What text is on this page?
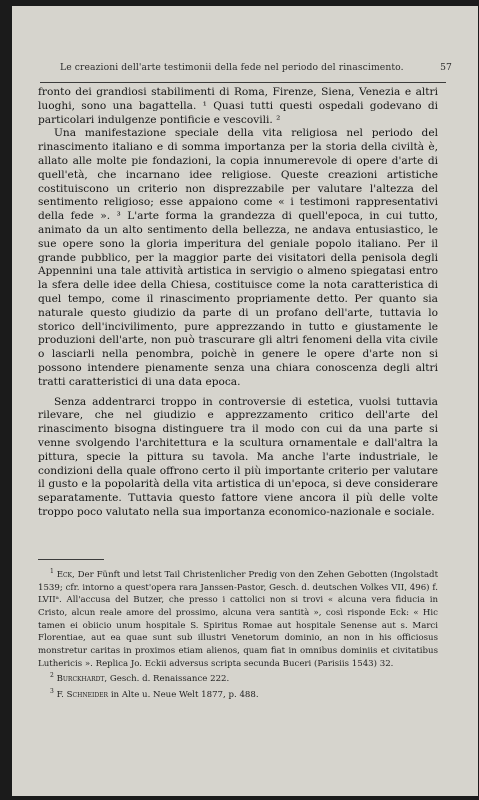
Le creazioni dell'arte testimonii della fede nel periodo del rinascimento.	57

fronto dei grandiosi stabilimenti di Roma, Firenze, Siena, Venezia e altri luoghi, sono una bagattella. ¹ Quasi tutti questi ospedali godevano di particolari indulgenze pontificie e vescovili. ²

Una manifestazione speciale della vita religiosa nel periodo del rinascimento italiano e di somma importanza per la storia della civiltà è, allato alle molte pie fondazioni, la copia innumerevole di opere d'arte di quell'età, che incarnano idee religiose. Queste creazioni artistiche costituiscono un criterio non disprezzabile per valutare l'altezza del sentimento religioso; esse appaiono come « i testimoni rappresentativi della fede ». ³ L'arte forma la grandezza di quell'epoca, in cui tutto, animato da un alto sentimento della bellezza, ne andava entusiastico, le sue opere sono la gloria imperitura del geniale popolo italiano. Per il grande pubblico, per la maggior parte dei visitatori della penisola degli Appennini una tale attività artistica in servigio o almeno spiegatasi entro la sfera delle idee della Chiesa, costituisce come la nota caratteristica di quel tempo, come il rinascimento propriamente detto. Per quanto sia naturale questo giudizio da parte di un profano dell'arte, tuttavia lo storico dell'incivilimento, pure apprezzando in tutto e giustamente le produzioni dell'arte, non può trascurare gli altri fenomeni della vita civile o lasciarli nella penombra, poichè in genere le opere d'arte non si possono intendere pienamente senza una chiara conoscenza degli altri tratti caratteristici di una data epoca.

Senza addentrarci troppo in controversie di estetica, vuolsi tuttavia rilevare, che nel giudizio e apprezzamento critico dell'arte del rinascimento bisogna distinguere tra il modo con cui da una parte si venne svolgendo l'architettura e la scultura ornamentale e dall'altra la pittura, specie la pittura su tavola. Ma anche l'arte industriale, le condizioni della quale offrono certo il più importante criterio per valutare il gusto e la popolarità della vita artistica di un'epoca, si deve considerare separatamente. Tuttavia questo fattore viene ancora il più delle volte troppo poco valutato nella sua importanza economico-nazionale e sociale.

$^1$ Eck, Der Fünft und letst Tail Christenlicher Predig von den Zehen Gebotten (Ingolstadt 1539; cfr. intorno a quest'opera rara Janssen-Pastor, Gesch. d. deutschen Volkes VII, 496) f. LVIIᵃ. All'accusa del Butzer, che presso i cattolici non si trovi « alcuna vera fiducia in Cristo, alcun reale amore del prossimo, alcuna vera santità », così risponde Eck: « Hic tamen ei obiicio unum hospitale S. Spiritus Romae aut hospitale Senense aut s. Marci Florentiae, aut ea quae sunt sub illustri Venetorum dominio, an non in his officiosus monstretur caritas in proximos etiam alienos, quam fiat in omnibus dominiis et civitatibus Luthericis ». Replica Jo. Eckii adversus scripta secunda Buceri (Parisiis 1543) 32.

$^2$ Burckhardt, Gesch. d. Renaissance 222.

$^3$ F. Schneider in Alte u. Neue Welt 1877, p. 488.
